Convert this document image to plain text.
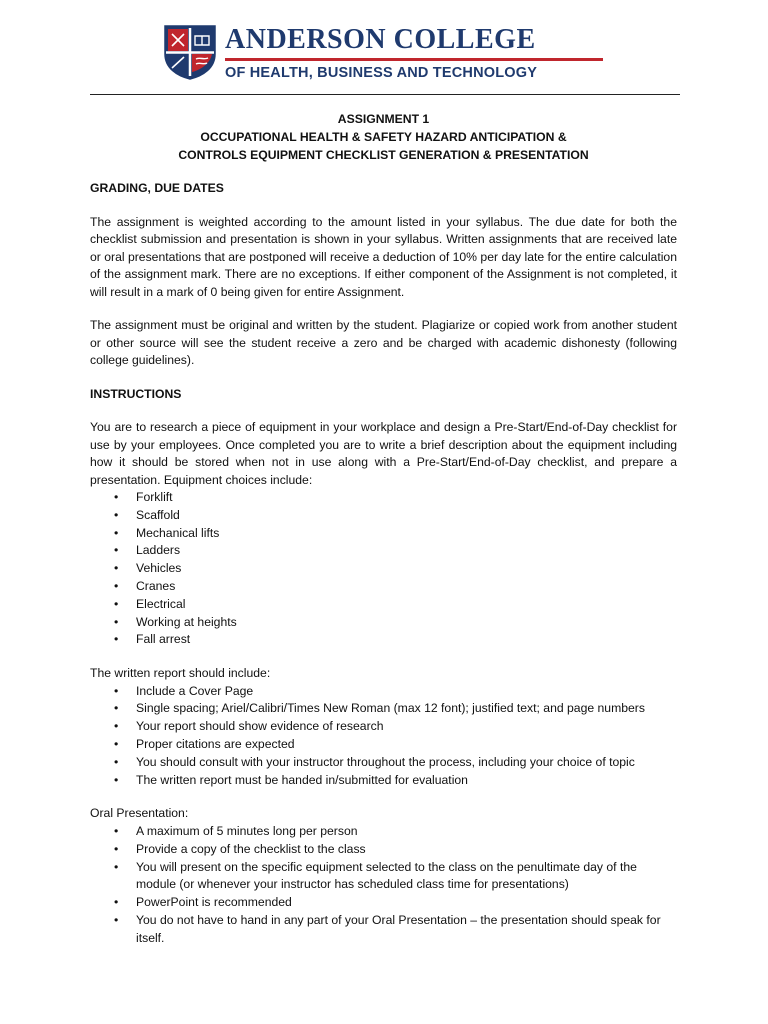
ANDERSON COLLEGE
OF HEALTH, BUSINESS AND TECHNOLOGY
ASSIGNMENT 1
OCCUPATIONAL HEALTH & SAFETY HAZARD ANTICIPATION &
CONTROLS EQUIPMENT CHECKLIST GENERATION & PRESENTATION
GRADING, DUE DATES

The assignment is weighted according to the amount listed in your syllabus. The due date for both the checklist submission and presentation is shown in your syllabus. Written assignments that are received late or oral presentations that are postponed will receive a deduction of 10% per day late for the entire calculation of the assignment mark. There are no exceptions. If either component of the Assignment is not completed, it will result in a mark of 0 being given for entire Assignment.

The assignment must be original and written by the student. Plagiarize or copied work from another student or other source will see the student receive a zero and be charged with academic dishonesty (following college guidelines).

INSTRUCTIONS

You are to research a piece of equipment in your workplace and design a Pre-Start/End-of-Day checklist for use by your employees. Once completed you are to write a brief description about the equipment including how it should be stored when not in use along with a Pre-Start/End-of-Day checklist, and prepare a presentation. Equipment choices include:

• Forklift
• Scaffold
• Mechanical lifts
• Ladders
• Vehicles
• Cranes
• Electrical
• Working at heights
• Fall arrest
The written report should include:
• Include a Cover Page
• Single spacing; Ariel/Calibri/Times New Roman (max 12 font); justified text; and page numbers
• Your report should show evidence of research
• Proper citations are expected
• You should consult with your instructor throughout the process, including your choice of topic
• The written report must be handed in/submitted for evaluation
Oral Presentation:
• A maximum of 5 minutes long per person
• Provide a copy of the checklist to the class
• You will present on the specific equipment selected to the class on the penultimate day of the module (or whenever your instructor has scheduled class time for presentations)
• PowerPoint is recommended
• You do not have to hand in any part of your Oral Presentation – the presentation should speak for itself.
